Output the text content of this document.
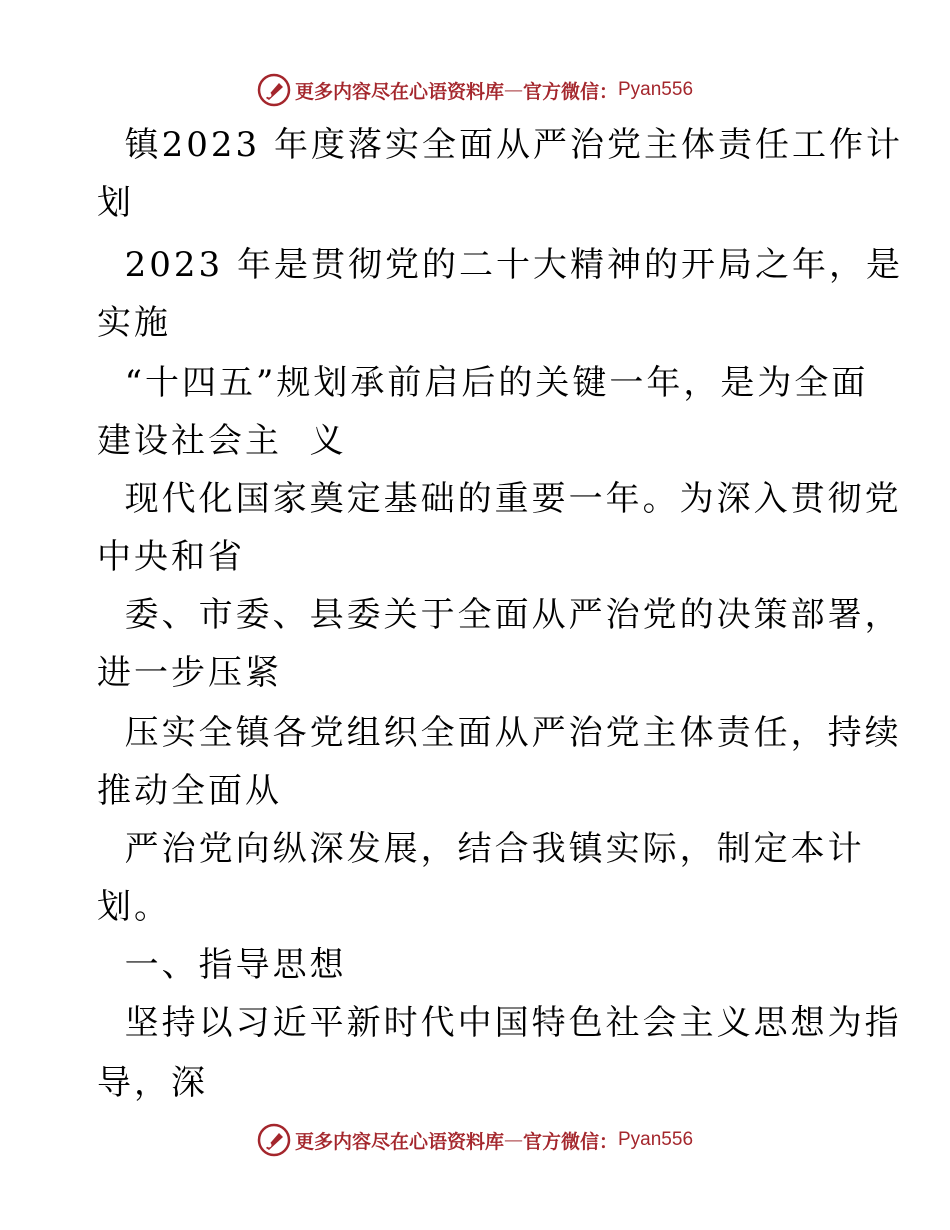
更多内容尽在心语资料库 — 官方微信： Pyan556
镇2023 年度落实全面从严治党主体责任工作计
划
2023 年是贯彻党的二十大精神的开局之年，是
实施
“十四五”规划承前启后的关键一年，是为全面
建设社会主  义
现代化国家奠定基础的重要一年。为深入贯彻党
中央和省
委、市委、县委关于全面从严治党的决策部署，
进一步压紧
压实全镇各党组织全面从严治党主体责任，持续
推动全面从
严治党向纵深发展，结合我镇实际，制定本计
划。
一、指导思想
坚持以习近平新时代中国特色社会主义思想为指
导，深
更多内容尽在心语资料库 — 官方微信： Pyan556
